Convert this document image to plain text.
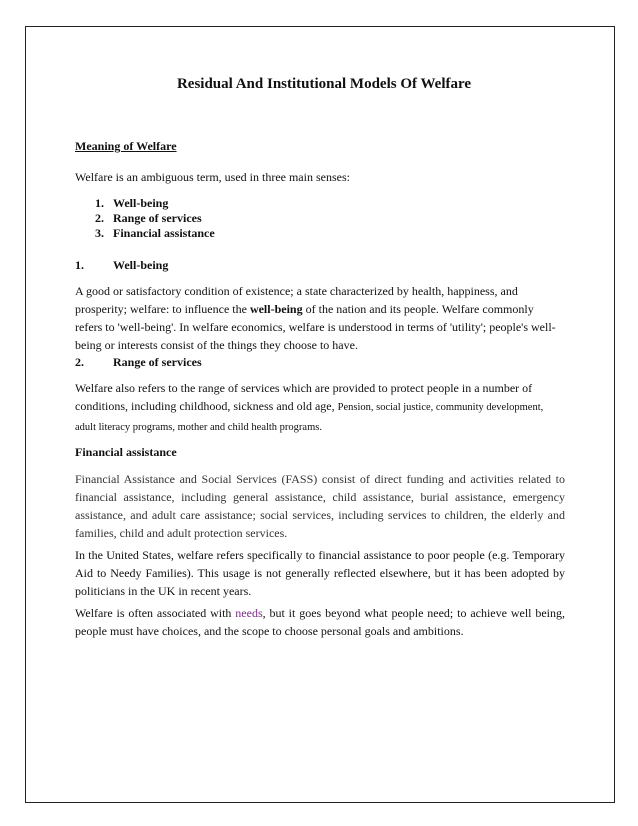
Residual And Institutional Models Of Welfare
Meaning of Welfare

Welfare is an ambiguous term, used in three main senses:

1. Well-being
2. Range of services
3. Financial assistance
1. Well-being

A good or satisfactory condition of existence; a state characterized by health, happiness, and prosperity; welfare: to influence the well-being of the nation and its people. Welfare commonly refers to 'well-being'. In welfare economics, welfare is understood in terms of 'utility'; people's well-being or interests consist of the things they choose to have.

2. Range of services

Welfare also refers to the range of services which are provided to protect people in a number of conditions, including childhood, sickness and old age, Pension, social justice, community development, adult literacy programs, mother and child health programs.

Financial assistance

Financial Assistance and Social Services (FASS) consist of direct funding and activities related to financial assistance, including general assistance, child assistance, burial assistance, emergency assistance, and adult care assistance; social services, including services to children, the elderly and families, child and adult protection services.

In the United States, welfare refers specifically to financial assistance to poor people (e.g. Temporary Aid to Needy Families). This usage is not generally reflected elsewhere, but it has been adopted by politicians in the UK in recent years.

Welfare is often associated with needs, but it goes beyond what people need; to achieve well being, people must have choices, and the scope to choose personal goals and ambitions.
